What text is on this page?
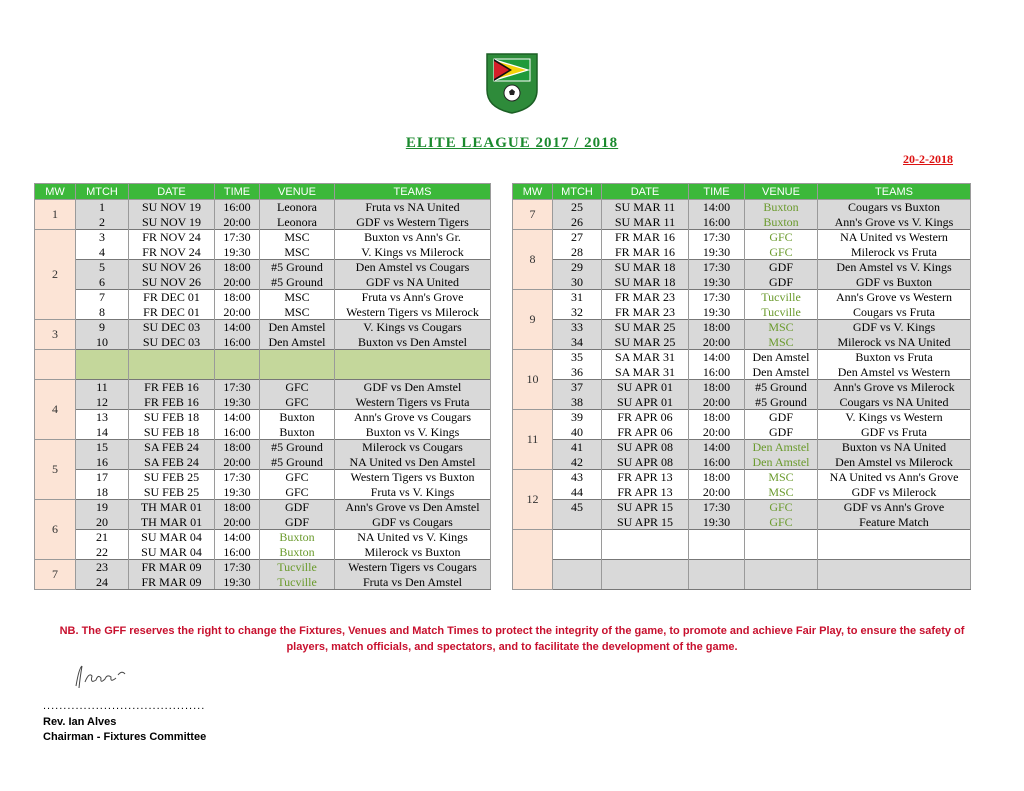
ELITE LEAGUE 2017 / 2018
20-2-2018
MW	MTCH	DATE	TIME	VENUE	TEAMS
1	1	SU NOV 19	16:00	Leonora	Fruta vs NA United
	2	SU NOV 19	20:00	Leonora	GDF vs Western Tigers
2	3	FR NOV 24	17:30	MSC	Buxton vs Ann's Gr.
	4	FR NOV 24	19:30	MSC	V. Kings vs Milerock
	5	SU NOV 26	18:00	#5 Ground	Den Amstel vs Cougars
	6	SU NOV 26	20:00	#5 Ground	GDF vs NA United
	7	FR DEC 01	18:00	MSC	Fruta vs Ann's Grove
	8	FR DEC 01	20:00	MSC	Western Tigers vs Milerock
3	9	SU DEC 03	14:00	Den Amstel	V. Kings vs Cougars
	10	SU DEC 03	16:00	Den Amstel	Buxton vs Den Amstel

4	11	FR FEB 16	17:30	GFC	GDF vs Den Amstel
	12	FR FEB 16	19:30	GFC	Western Tigers vs Fruta
	13	SU FEB 18	14:00	Buxton	Ann's Grove vs Cougars
	14	SU FEB 18	16:00	Buxton	Buxton vs V. Kings
5	15	SA FEB 24	18:00	#5 Ground	Milerock vs Cougars
	16	SA FEB 24	20:00	#5 Ground	NA United vs Den Amstel
	17	SU FEB 25	17:30	GFC	Western Tigers vs Buxton
	18	SU FEB 25	19:30	GFC	Fruta vs V. Kings
6	19	TH MAR 01	18:00	GDF	Ann's Grove vs Den Amstel
	20	TH MAR 01	20:00	GDF	GDF vs Cougars
	21	SU MAR 04	14:00	Buxton	NA United vs V. Kings
	22	SU MAR 04	16:00	Buxton	Milerock vs Buxton
7	23	FR MAR 09	17:30	Tucville	Western Tigers vs Cougars
	24	FR MAR 09	19:30	Tucville	Fruta vs Den Amstel
MW	MTCH	DATE	TIME	VENUE	TEAMS
7	25	SU MAR 11	14:00	Buxton	Cougars vs Buxton
	26	SU MAR 11	16:00	Buxton	Ann's Grove vs V. Kings
8	27	FR MAR 16	17:30	GFC	NA United vs Western
	28	FR MAR 16	19:30	GFC	Milerock vs Fruta
	29	SU MAR 18	17:30	GDF	Den Amstel vs V. Kings
	30	SU MAR 18	19:30	GDF	GDF vs Buxton
9	31	FR MAR 23	17:30	Tucville	Ann's Grove vs Western
	32	FR MAR 23	19:30	Tucville	Cougars vs Fruta
	33	SU MAR 25	18:00	MSC	GDF vs V. Kings
	34	SU MAR 25	20:00	MSC	Milerock vs NA United
10	35	SA MAR 31	14:00	Den Amstel	Buxton vs Fruta
	36	SA MAR 31	16:00	Den Amstel	Den Amstel vs Western
	37	SU APR 01	18:00	#5 Ground	Ann's Grove vs Milerock
	38	SU APR 01	20:00	#5 Ground	Cougars vs NA United
11	39	FR APR 06	18:00	GDF	V. Kings vs Western
	40	FR APR 06	20:00	GDF	GDF vs Fruta
	41	SU APR 08	14:00	Den Amstel	Buxton vs NA United
	42	SU APR 08	16:00	Den Amstel	Den Amstel vs Milerock
12	43	FR APR 13	18:00	MSC	NA United vs Ann's Grove
	44	FR APR 13	20:00	MSC	GDF vs Milerock
	45	SU APR 15	17:30	GFC	GDF vs Ann's Grove
		SU APR 15	19:30	GFC	Feature Match

NB. The GFF reserves the right to change the Fixtures, Venues and Match Times to protect the integrity of the game, to promote and achieve Fair Play, to ensure the safety of players, match officials, and spectators, and to facilitate the development of the game.
........................................
Rev. Ian Alves
Chairman - Fixtures Committee
